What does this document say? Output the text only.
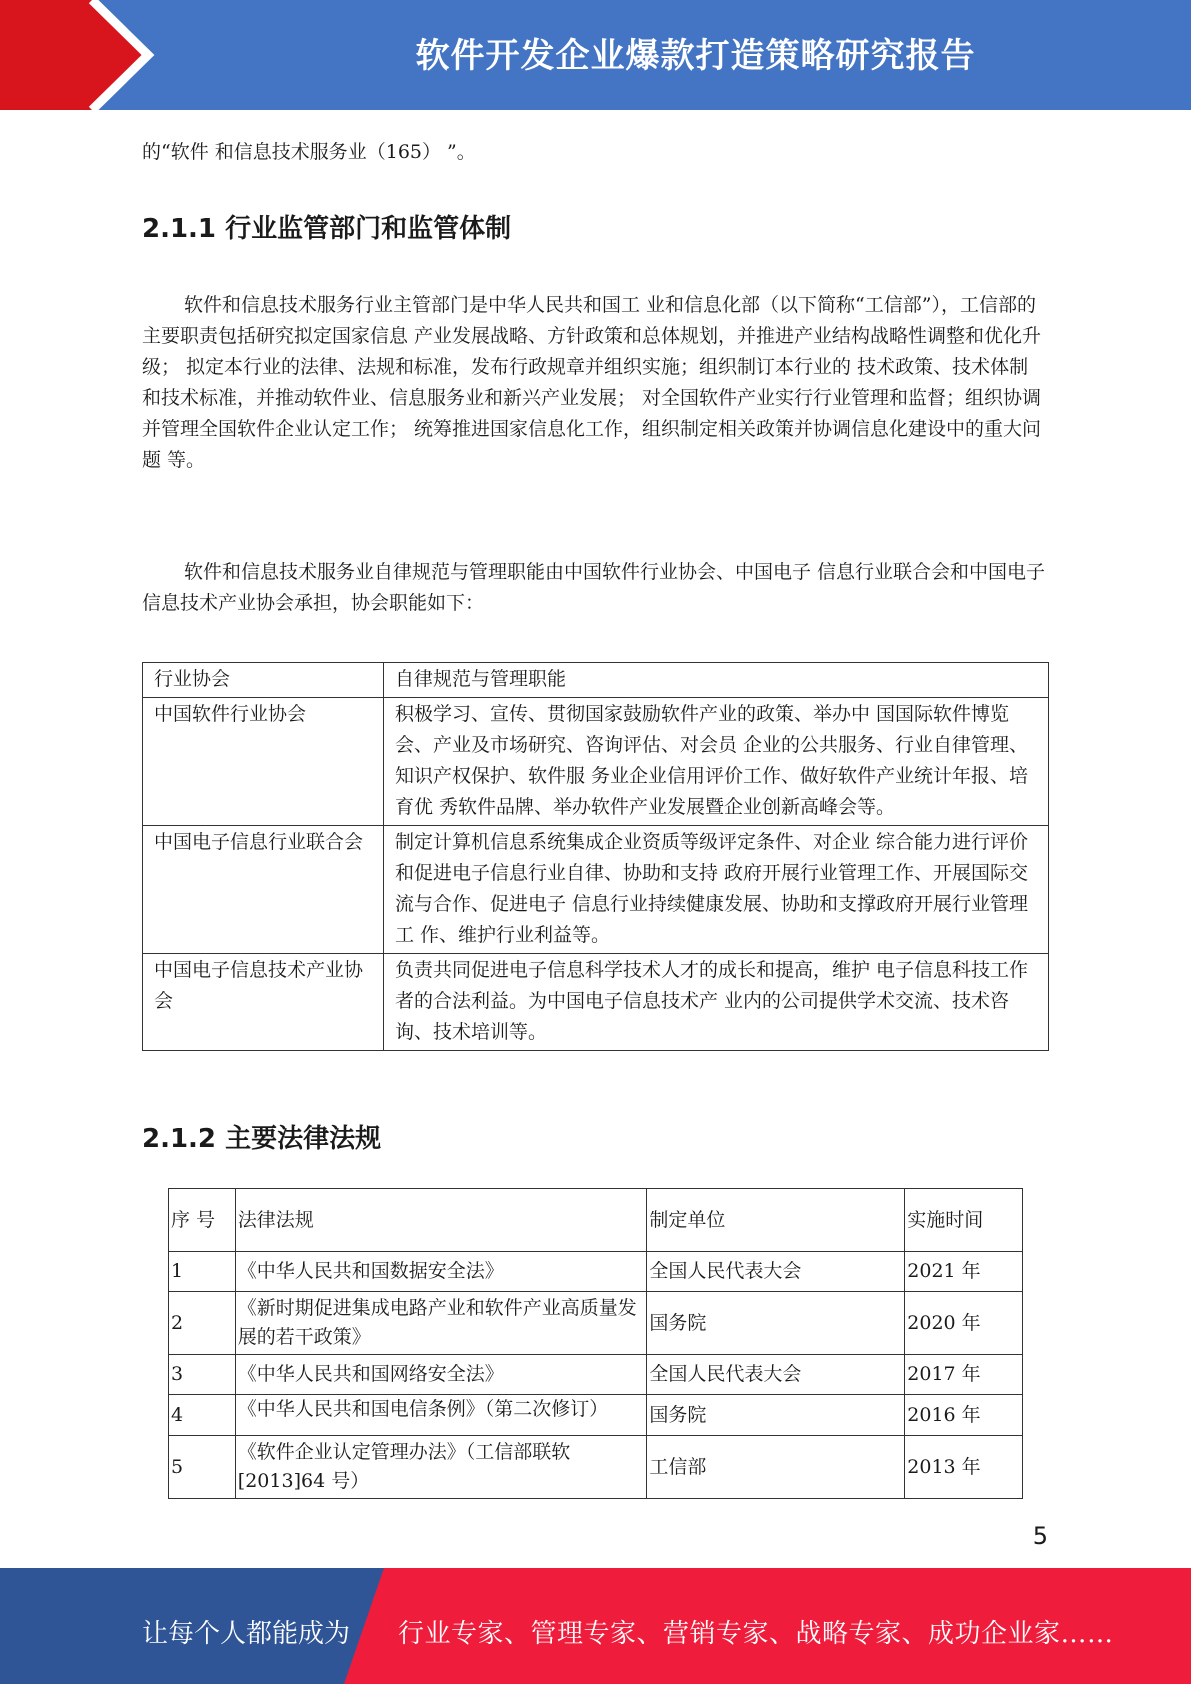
软件开发企业爆款打造策略研究报告
的“软件 和信息技术服务业（165） ”。
2.1.1 行业监管部门和监管体制
软件和信息技术服务行业主管部门是中华人民共和国工 业和信息化部（以下简称“工信部”），工信部的主要职责包括研究拟定国家信息 产业发展战略、方针政策和总体规划，并推进产业结构战略性调整和优化升级； 拟定本行业的法律、法规和标准，发布行政规章并组织实施；组织制订本行业的 技术政策、技术体制和技术标准，并推动软件业、信息服务业和新兴产业发展； 对全国软件产业实行行业管理和监督；组织协调并管理全国软件企业认定工作； 统筹推进国家信息化工作，组织制定相关政策并协调信息化建设中的重大问题 等。
软件和信息技术服务业自律规范与管理职能由中国软件行业协会、中国电子 信息行业联合会和中国电子信息技术产业协会承担，协会职能如下：
行业协会	自律规范与管理职能
中国软件行业协会	积极学习、宣传、贯彻国家鼓励软件产业的政策、举办中 国国际软件博览会、产业及市场研究、咨询评估、对会员 企业的公共服务、行业自律管理、知识产权保护、软件服 务业企业信用评价工作、做好软件产业统计年报、培育优 秀软件品牌、举办软件产业发展暨企业创新高峰会等。
中国电子信息行业联合会	制定计算机信息系统集成企业资质等级评定条件、对企业 综合能力进行评价和促进电子信息行业自律、协助和支持 政府开展行业管理工作、开展国际交流与合作、促进电子 信息行业持续健康发展、协助和支撑政府开展行业管理工 作、维护行业利益等。
中国电子信息技术产业协会	负责共同促进电子信息科学技术人才的成长和提高，维护 电子信息科技工作者的合法利益。为中国电子信息技术产 业内的公司提供学术交流、技术咨询、技术培训等。
2.1.2 主要法律法规
序 号	法律法规	制定单位	实施时间
1	《中华人民共和国数据安全法》	全国人民代表大会	2021 年
2	《新时期促进集成电路产业和软件产业高质量发展的若干政策》	国务院	2020 年
3	《中华人民共和国网络安全法》	全国人民代表大会	2017 年
4	《中华人民共和国电信条例》（第二次修订）	国务院	2016 年
5	《软件企业认定管理办法》（工信部联软[2013]64 号）	工信部	2013 年
5
让每个人都能成为 行业专家、管理专家、营销专家、战略专家、成功企业家……
